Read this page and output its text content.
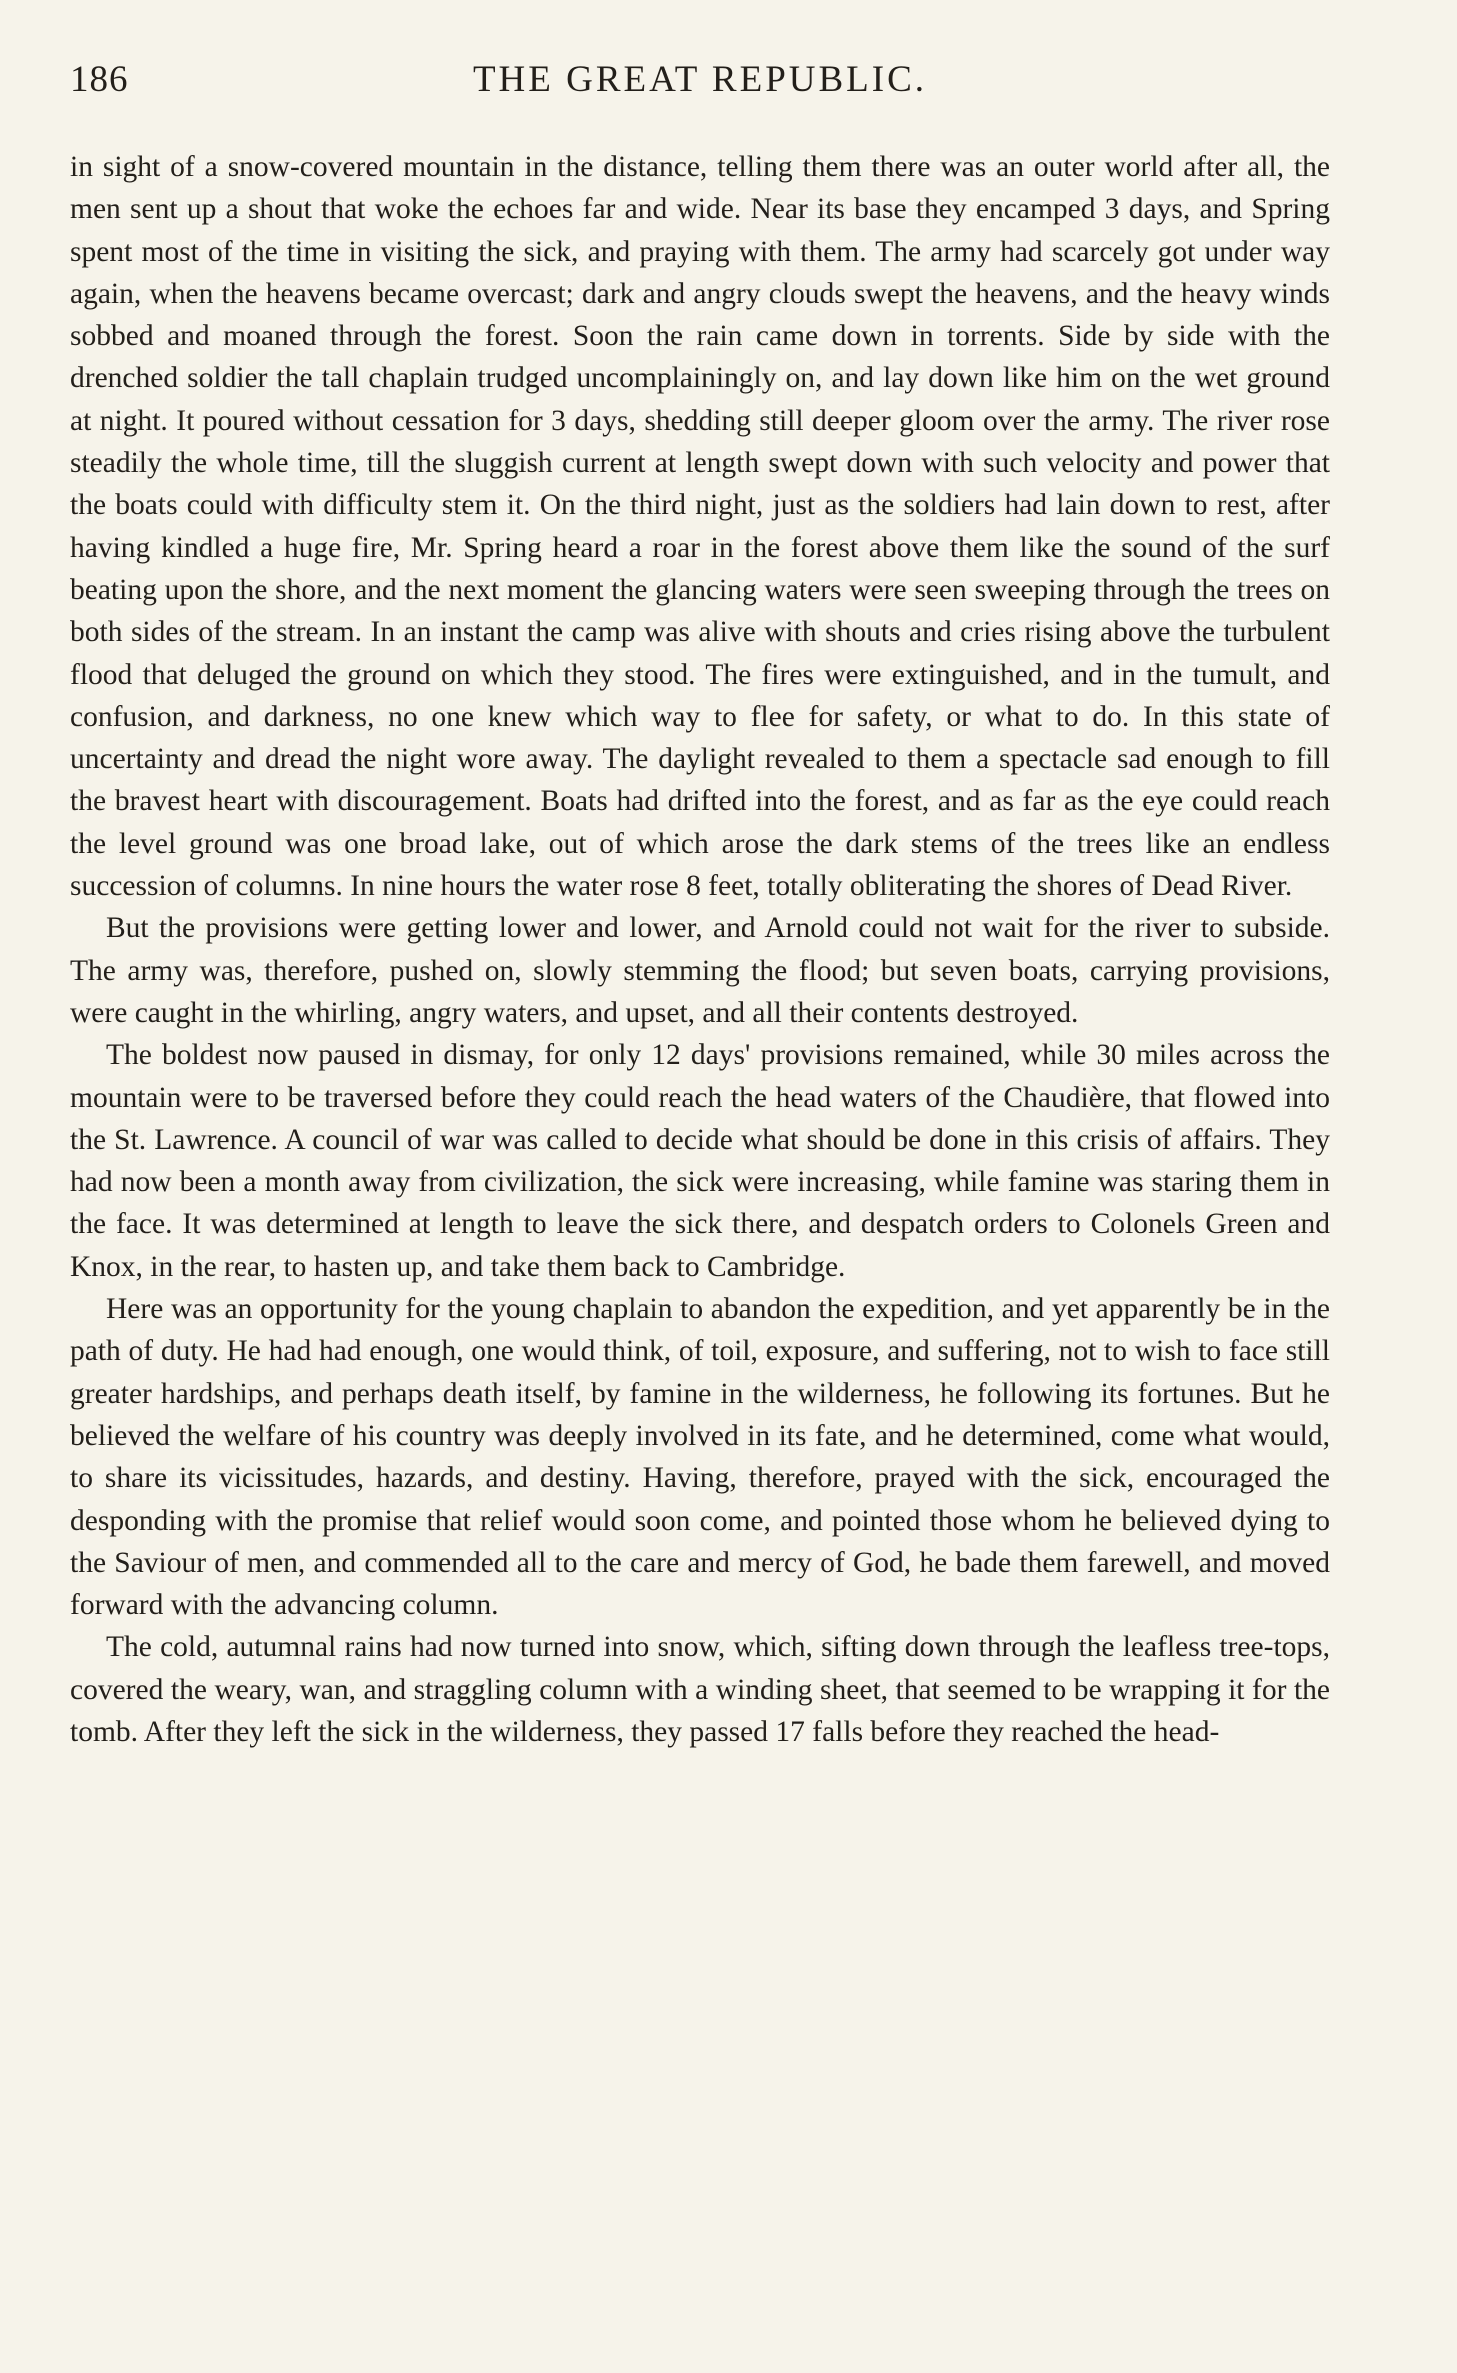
186	THE GREAT REPUBLIC.

in sight of a snow-covered mountain in the distance, telling them there was an outer world after all, the men sent up a shout that woke the echoes far and wide. Near its base they encamped 3 days, and Spring spent most of the time in visiting the sick, and praying with them. The army had scarcely got under way again, when the heavens became overcast; dark and angry clouds swept the heavens, and the heavy winds sobbed and moaned through the forest. Soon the rain came down in torrents. Side by side with the drenched soldier the tall chaplain trudged uncomplainingly on, and lay down like him on the wet ground at night. It poured without cessation for 3 days, shedding still deeper gloom over the army. The river rose steadily the whole time, till the sluggish current at length swept down with such velocity and power that the boats could with difficulty stem it. On the third night, just as the soldiers had lain down to rest, after having kindled a huge fire, Mr. Spring heard a roar in the forest above them like the sound of the surf beating upon the shore, and the next moment the glancing waters were seen sweeping through the trees on both sides of the stream. In an instant the camp was alive with shouts and cries rising above the turbulent flood that deluged the ground on which they stood. The fires were extinguished, and in the tumult, and confusion, and darkness, no one knew which way to flee for safety, or what to do. In this state of uncertainty and dread the night wore away. The daylight revealed to them a spectacle sad enough to fill the bravest heart with discouragement. Boats had drifted into the forest, and as far as the eye could reach the level ground was one broad lake, out of which arose the dark stems of the trees like an endless succession of columns. In nine hours the water rose 8 feet, totally obliterating the shores of Dead River.

But the provisions were getting lower and lower, and Arnold could not wait for the river to subside. The army was, therefore, pushed on, slowly stemming the flood; but seven boats, carrying provisions, were caught in the whirling, angry waters, and upset, and all their contents destroyed.

The boldest now paused in dismay, for only 12 days' provisions remained, while 30 miles across the mountain were to be traversed before they could reach the head waters of the Chaudière, that flowed into the St. Lawrence. A council of war was called to decide what should be done in this crisis of affairs. They had now been a month away from civilization, the sick were increasing, while famine was staring them in the face. It was determined at length to leave the sick there, and despatch orders to Colonels Green and Knox, in the rear, to hasten up, and take them back to Cambridge.

Here was an opportunity for the young chaplain to abandon the expedition, and yet apparently be in the path of duty. He had had enough, one would think, of toil, exposure, and suffering, not to wish to face still greater hardships, and perhaps death itself, by famine in the wilderness, he following its fortunes. But he believed the welfare of his country was deeply involved in its fate, and he determined, come what would, to share its vicissitudes, hazards, and destiny. Having, therefore, prayed with the sick, encouraged the desponding with the promise that relief would soon come, and pointed those whom he believed dying to the Saviour of men, and commended all to the care and mercy of God, he bade them farewell, and moved forward with the advancing column.

The cold, autumnal rains had now turned into snow, which, sifting down through the leafless tree-tops, covered the weary, wan, and straggling column with a winding sheet, that seemed to be wrapping it for the tomb. After they left the sick in the wilderness, they passed 17 falls before they reached the head-
